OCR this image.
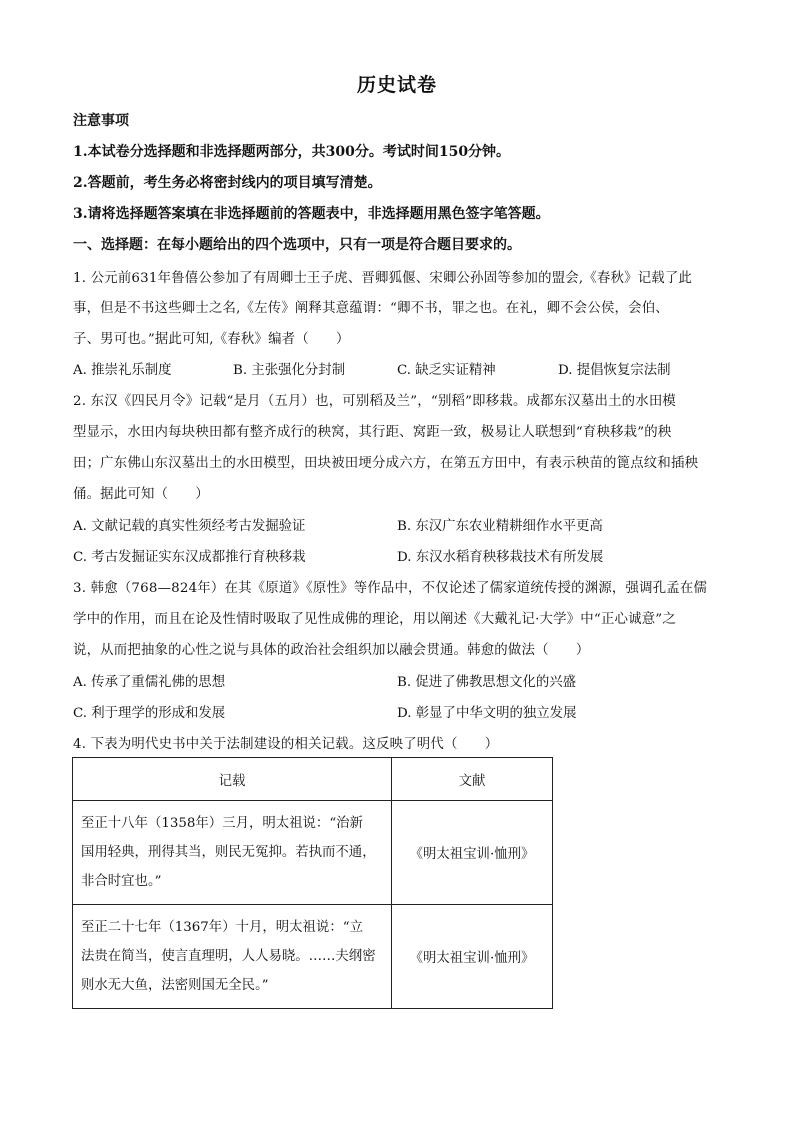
历史试卷
注意事项
1.本试卷分选择题和非选择题两部分，共300分。考试时间150分钟。
2.答题前，考生务必将密封线内的项目填写清楚。
3.请将选择题答案填在非选择题前的答题表中，非选择题用黑色签字笔答题。
一、选择题：在每小题给出的四个选项中，只有一项是符合题目要求的。
1. 公元前631年鲁僖公参加了有周卿士王子虎、晋卿狐偃、宋卿公孙固等参加的盟会,《春秋》记载了此
事，但是不书这些卿士之名,《左传》阐释其意蕴谓：“卿不书，罪之也。在礼，卿不会公侯，会伯、
子、男可也。”据此可知,《春秋》编者（　　）
A. 推崇礼乐制度	B. 主张强化分封制	C. 缺乏实证精神	D. 提倡恢复宗法制
2. 东汉《四民月令》记载“是月（五月）也，可别稻及兰”，“别稻”即移栽。成都东汉墓出土的水田模
型显示，水田内每块秧田都有整齐成行的秧窝，其行距、窝距一致，极易让人联想到“育秧移栽”的秧
田；广东佛山东汉墓出土的水田模型，田块被田埂分成六方，在第五方田中，有表示秧苗的篦点纹和插秧
俑。据此可知（　　）
A. 文献记载的真实性须经考古发掘验证	B. 东汉广东农业精耕细作水平更高
C. 考古发掘证实东汉成都推行育秧移栽	D. 东汉水稻育秧移栽技术有所发展
3. 韩愈（768—824年）在其《原道》《原性》等作品中，不仅论述了儒家道统传授的渊源，强调孔孟在儒
学中的作用，而且在论及性情时吸取了见性成佛的理论，用以阐述《大戴礼记·大学》中“正心诚意”之
说，从而把抽象的心性之说与具体的政治社会组织加以融会贯通。韩愈的做法（　　）
A. 传承了重儒礼佛的思想	B. 促进了佛教思想文化的兴盛
C. 利于理学的形成和发展	D. 彰显了中华文明的独立发展
4. 下表为明代史书中关于法制建设的相关记载。这反映了明代（　　）
记载	文献

至正十八年（1358年）三月，明太祖说：“治新
国用轻典，刑得其当，则民无冤抑。若执而不通，
非合时宜也。”	《明太祖宝训·恤刑》

至正二十七年（1367年）十月，明太祖说：“立
法贵在简当，使言直理明，人人易晓。……夫纲密
则水无大鱼，法密则国无全民。”	《明太祖宝训·恤刑》
